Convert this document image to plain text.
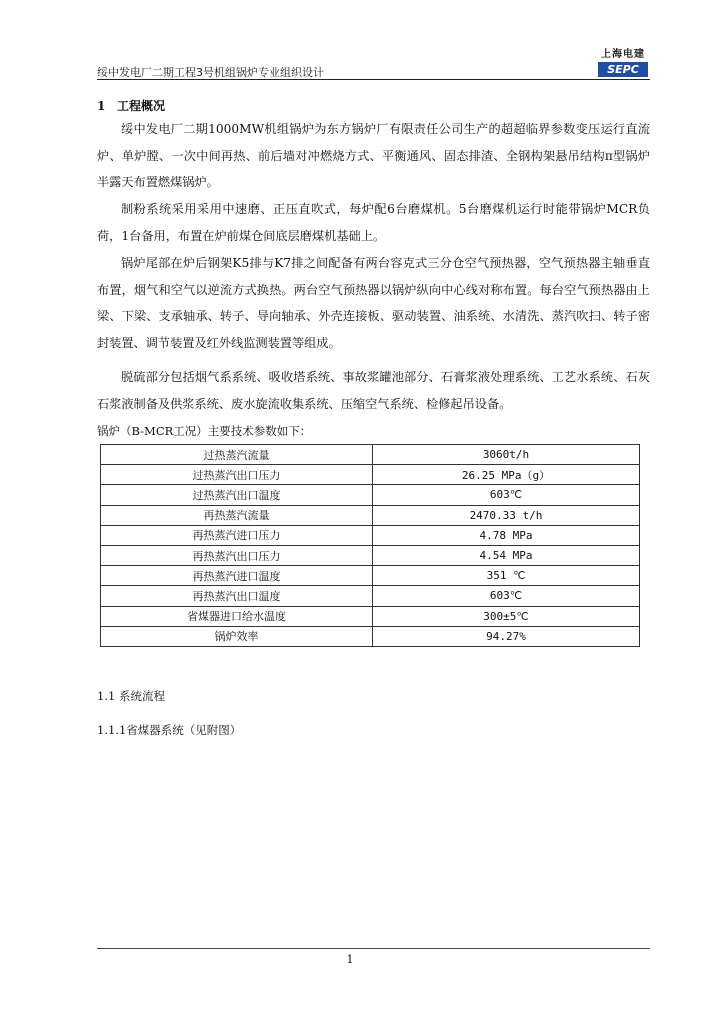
绥中发电厂二期工程3号机组锅炉专业组织设计
上海电建
SEPC
1 工程概况

绥中发电厂二期1000MW机组锅炉为东方锅炉厂有限责任公司生产的超超临界参数变压运行直流炉、单炉膛、一次中间再热、前后墙对冲燃烧方式、平衡通风、固态排渣、全钢构架悬吊结构π型锅炉半露天布置燃煤锅炉。

制粉系统采用采用中速磨、正压直吹式，每炉配6台磨煤机。5台磨煤机运行时能带锅炉MCR负荷，1台备用，布置在炉前煤仓间底层磨煤机基础上。

锅炉尾部在炉后钢架K5排与K7排之间配备有两台容克式三分仓空气预热器，空气预热器主轴垂直布置，烟气和空气以逆流方式换热。两台空气预热器以锅炉纵向中心线对称布置。每台空气预热器由上梁、下梁、支承轴承、转子、导向轴承、外壳连接板、驱动装置、油系统、水清洗、蒸汽吹扫、转子密封装置、调节装置及红外线监测装置等组成。

脱硫部分包括烟气系系统、吸收塔系统、事故浆罐池部分、石膏浆液处理系统、工艺水系统、石灰石浆液制备及供浆系统、废水旋流收集系统、压缩空气系统、检修起吊设备。

锅炉（B-MCR工况）主要技术参数如下：
过热蒸汽流量	3060t/h
过热蒸汽出口压力	26.25 MPa（g）
过热蒸汽出口温度	603℃
再热蒸汽流量	2470.33 t/h
再热蒸汽进口压力	4.78 MPa
再热蒸汽出口压力	4.54 MPa
再热蒸汽进口温度	351 ℃
再热蒸汽出口温度	603℃
省煤器进口给水温度	300±5℃
锅炉效率	94.27%
1.1 系统流程
1.1.1省煤器系统（见附图）
1
